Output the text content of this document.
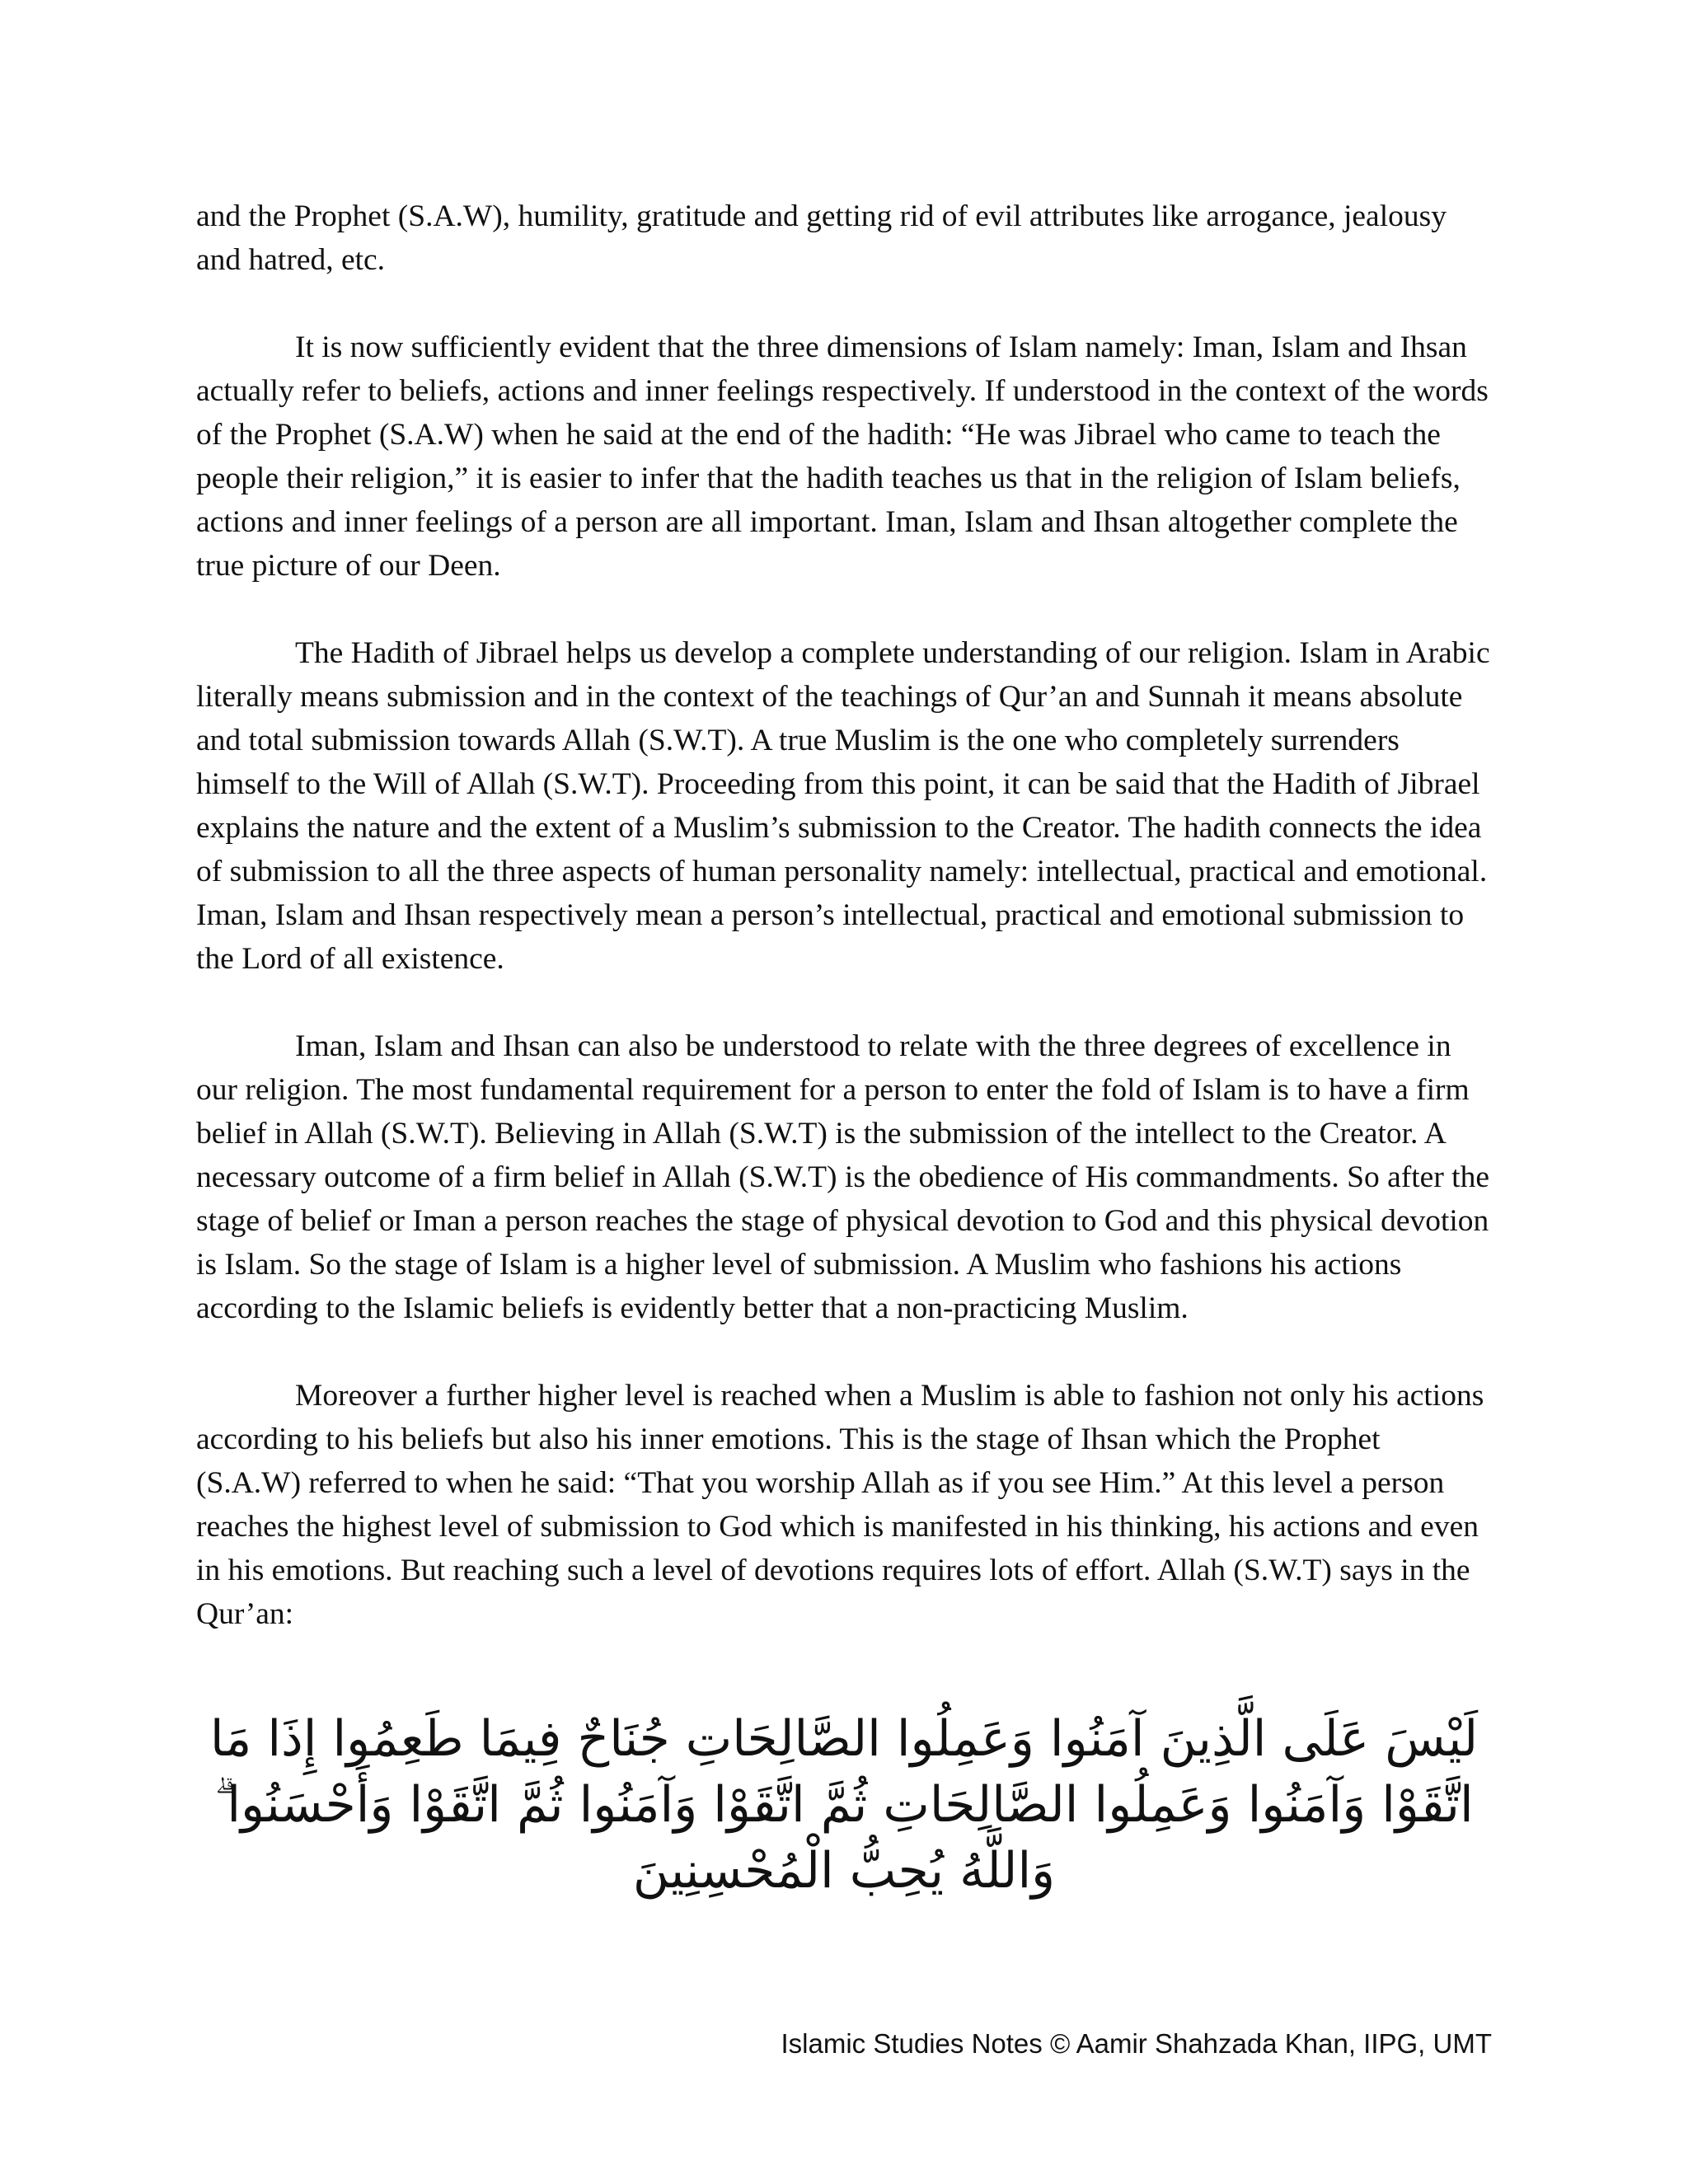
and the Prophet (S.A.W), humility, gratitude and getting rid of evil attributes like arrogance, jealousy and hatred, etc.

It is now sufficiently evident that the three dimensions of Islam namely: Iman, Islam and Ihsan actually refer to beliefs, actions and inner feelings respectively. If understood in the context of the words of the Prophet (S.A.W) when he said at the end of the hadith: “He was Jibrael who came to teach the people their religion,” it is easier to infer that the hadith teaches us that in the religion of Islam beliefs, actions and inner feelings of a person are all important. Iman, Islam and Ihsan altogether complete the true picture of our Deen.

The Hadith of Jibrael helps us develop a complete understanding of our religion. Islam in Arabic literally means submission and in the context of the teachings of Qur’an and Sunnah it means absolute and total submission towards Allah (S.W.T). A true Muslim is the one who completely surrenders himself to the Will of Allah (S.W.T). Proceeding from this point, it can be said that the Hadith of Jibrael explains the nature and the extent of a Muslim’s submission to the Creator. The hadith connects the idea of submission to all the three aspects of human personality namely: intellectual, practical and emotional. Iman, Islam and Ihsan respectively mean a person’s intellectual, practical and emotional submission to the Lord of all existence.

Iman, Islam and Ihsan can also be understood to relate with the three degrees of excellence in our religion. The most fundamental requirement for a person to enter the fold of Islam is to have a firm belief in Allah (S.W.T). Believing in Allah (S.W.T) is the submission of the intellect to the Creator. A necessary outcome of a firm belief in Allah (S.W.T) is the obedience of His commandments. So after the stage of belief or Iman a person reaches the stage of physical devotion to God and this physical devotion is Islam. So the stage of Islam is a higher level of submission. A Muslim who fashions his actions according to the Islamic beliefs is evidently better that a non-practicing Muslim.

Moreover a further higher level is reached when a Muslim is able to fashion not only his actions according to his beliefs but also his inner emotions. This is the stage of Ihsan which the Prophet (S.A.W) referred to when he said: “That you worship Allah as if you see Him.” At this level a person reaches the highest level of submission to God which is manifested in his thinking, his actions and even in his emotions. But reaching such a level of devotions requires lots of effort. Allah (S.W.T) says in the Qur’an:

لَيْسَ عَلَى الَّذِينَ آمَنُوا وَعَمِلُوا الصَّالِحَاتِ جُنَاحٌ فِيمَا طَعِمُوا إِذَا مَا اتَّقَوْا وَآمَنُوا وَعَمِلُوا الصَّالِحَاتِ ثُمَّ اتَّقَوْا وَآمَنُوا ثُمَّ اتَّقَوْا وَأَحْسَنُوا ۗ وَاللَّهُ يُحِبُّ الْمُحْسِنِينَ
Islamic Studies Notes © Aamir Shahzada Khan, IIPG, UMT
